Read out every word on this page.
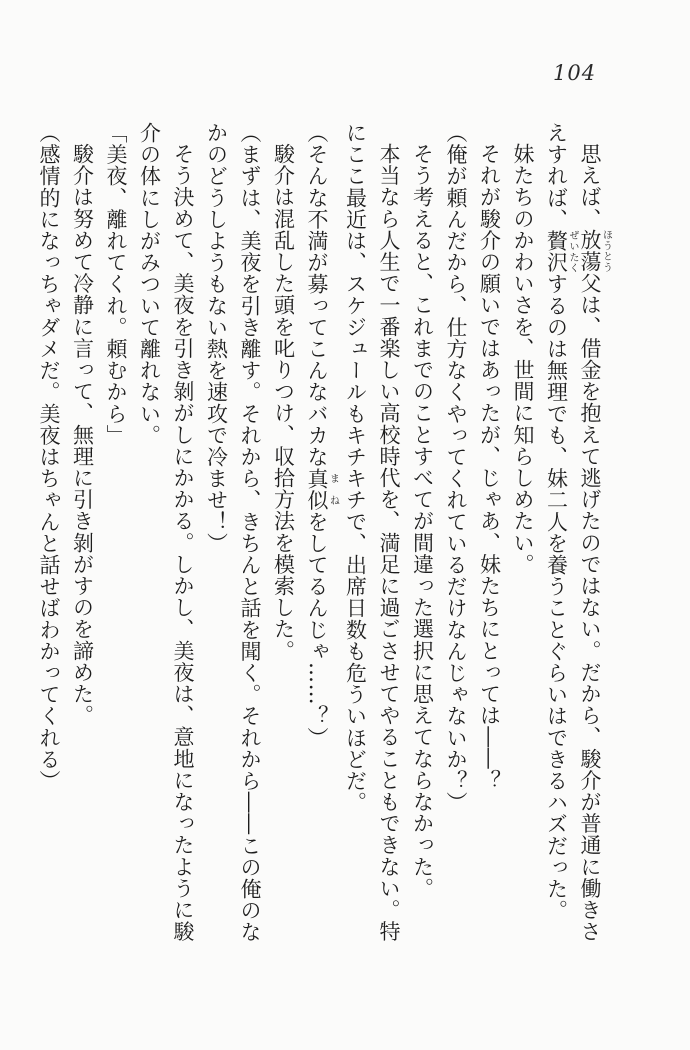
104

思えば、放蕩ほうとう父は、借金を抱えて逃げたのではない。だから、駿介が普通に働きさえすれば、贅沢ぜいたくするのは無理でも、妹二人を養うことぐらいはできるハズだった。

妹たちのかわいさを、世間に知らしめたい。

それが駿介の願いではあったが、じゃあ、妹たちにとっては――？

（俺が頼んだから、仕方なくやってくれているだけなんじゃないか？）

そう考えると、これまでのことすべてが間違った選択に思えてならなかった。

本当なら人生で一番楽しい高校時代を、満足に過ごさせてやることもできない。特にここ最近は、スケジュールもキチキチで、出席日数も危ういほどだ。

（そんな不満が募ってこんなバカな真似まねをしてるんじゃ……？）

駿介は混乱した頭を叱りつけ、収拾方法を模索した。

（まずは、美夜を引き離す。それから、きちんと話を聞く。それから――この俺のなかのどうしようもない熱を速攻で冷ませ！）

そう決めて、美夜を引き剝がしにかかる。しかし、美夜は、意地になったように駿介の体にしがみついて離れない。

「美夜、離れてくれ。頼むから」

駿介は努めて冷静に言って、無理に引き剝がすのを諦めた。

（感情的になっちゃダメだ。美夜はちゃんと話せばわかってくれる）
